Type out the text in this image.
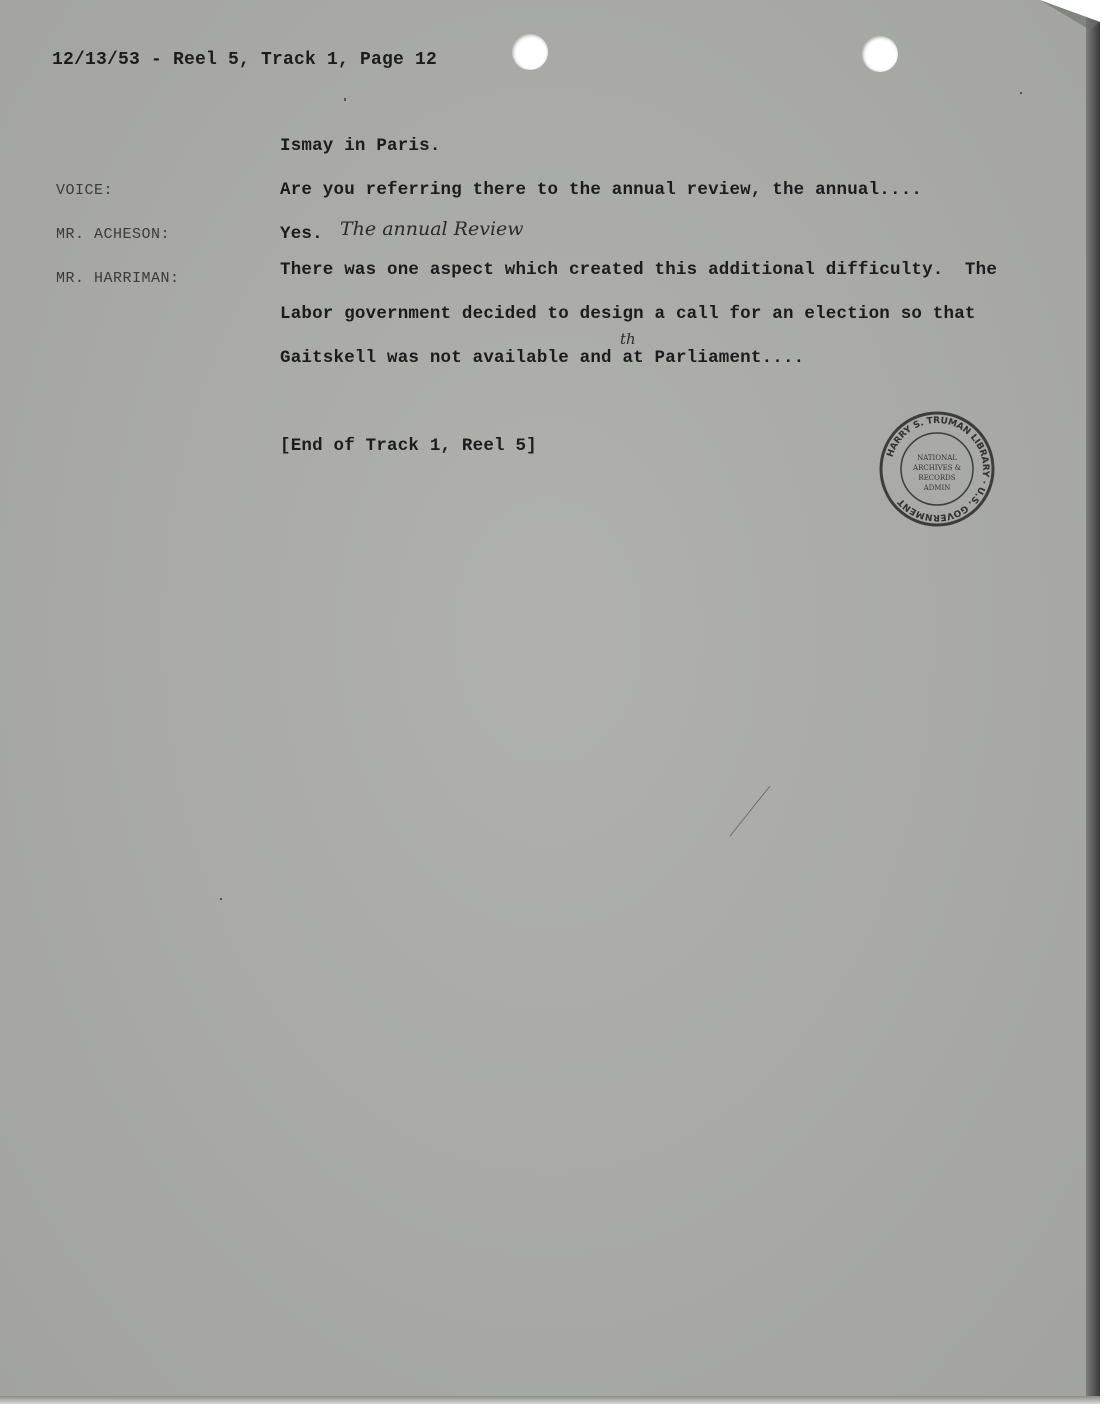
12/13/53 - Reel 5, Track 1, Page 12
Ismay in Paris.
VOICE:	Are you referring there to the annual review, the annual....
MR. ACHESON:	Yes. The annual Review
MR. HARRIMAN:	There was one aspect which created this additional difficulty.  The
Labor government decided to design a call for an election so that
Gaitskell was not available and at Parliament....
th
[End of Track 1, Reel 5]	HARRY S. TRUMAN LIBRARY · U.S. GOVERNMENT
NATIONAL
ARCHIVES &
RECORDS
ADMIN
